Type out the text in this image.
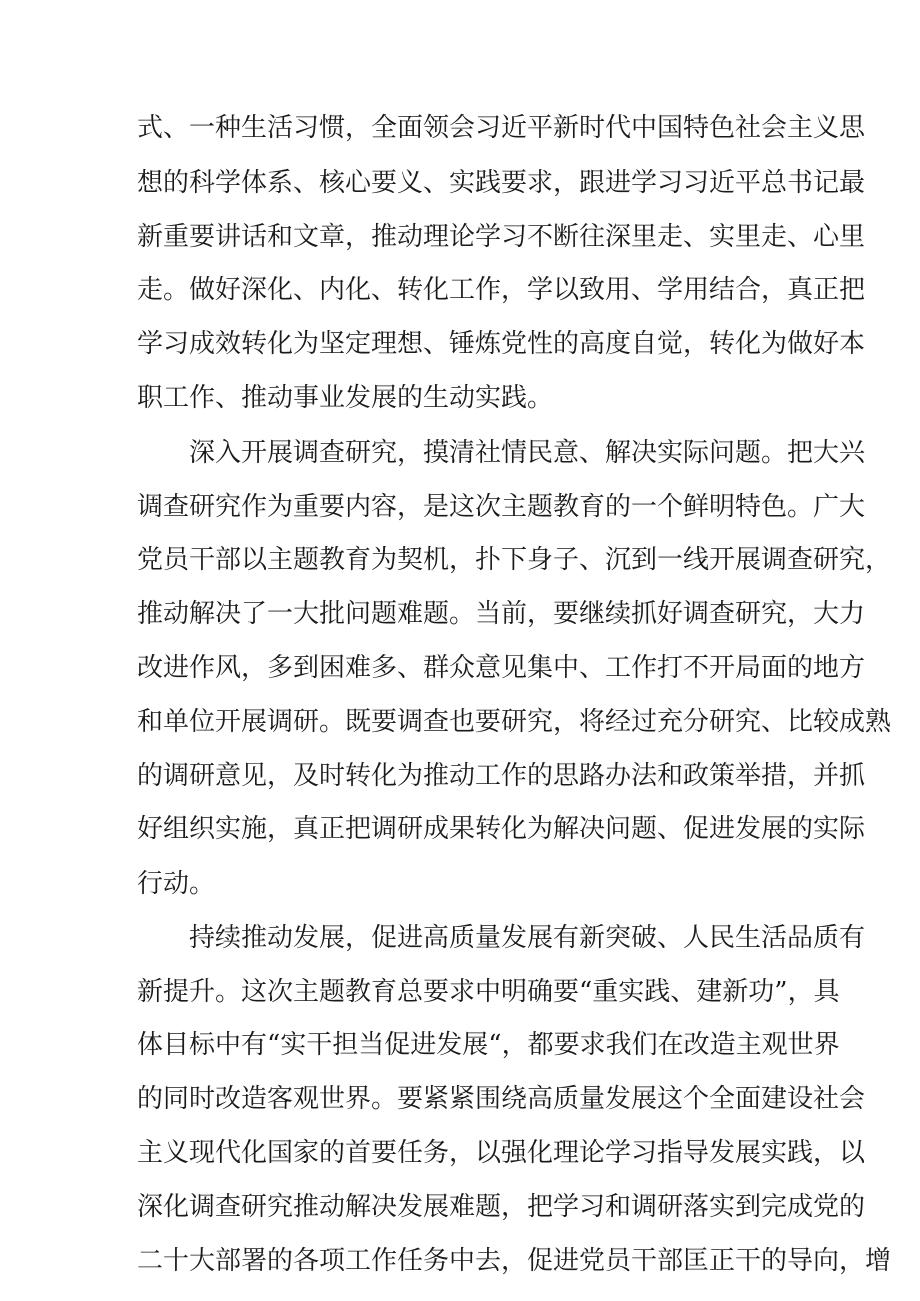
式、一种生活习惯，全面领会习近平新时代中国特色社会主义思
想的科学体系、核心要义、实践要求，跟进学习习近平总书记最
新重要讲话和文章，推动理论学习不断往深里走、实里走、心里
走。做好深化、内化、转化工作，学以致用、学用结合，真正把
学习成效转化为坚定理想、锤炼党性的高度自觉，转化为做好本
职工作、推动事业发展的生动实践。
深入开展调查研究，摸清社情民意、解决实际问题。把大兴
调查研究作为重要内容，是这次主题教育的一个鲜明特色。广大
党员干部以主题教育为契机，扑下身子、沉到一线开展调查研究，
推动解决了一大批问题难题。当前，要继续抓好调查研究，大力
改进作风，多到困难多、群众意见集中、工作打不开局面的地方
和单位开展调研。既要调查也要研究，将经过充分研究、比较成熟
的调研意见，及时转化为推动工作的思路办法和政策举措，并抓
好组织实施，真正把调研成果转化为解决问题、促进发展的实际
行动。
持续推动发展，促进高质量发展有新突破、人民生活品质有
新提升。这次主题教育总要求中明确要“重实践、建新功”，具
体目标中有“实干担当促进发展“，都要求我们在改造主观世界
的同时改造客观世界。要紧紧围绕高质量发展这个全面建设社会
主义现代化国家的首要任务，以强化理论学习指导发展实践，以
深化调查研究推动解决发展难题，把学习和调研落实到完成党的
二十大部署的各项工作任务中去，促进党员干部匡正干的导向，增
